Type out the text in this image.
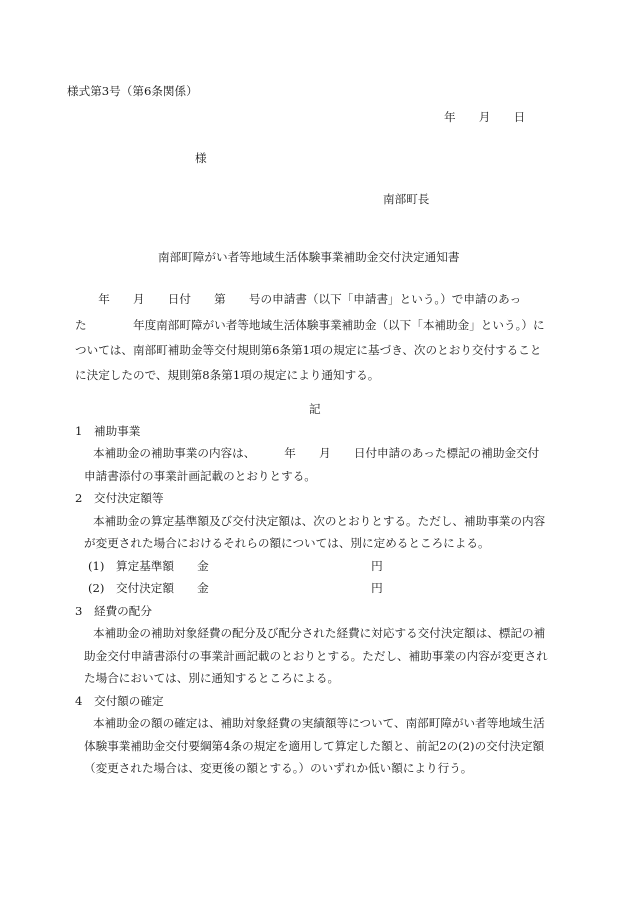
様式第3号（第6条関係）
年　　月　　日
様
南部町長
南部町障がい者等地域生活体験事業補助金交付決定通知書
　　年　　月　　日付　　第　　号の申請書（以下「申請書」という。）で申請のあっ
た　　　　年度南部町障がい者等地域生活体験事業補助金（以下「本補助金」という。）に
ついては、南部町補助金等交付規則第6条第1項の規定に基づき、次のとおり交付すること
に決定したので、規則第8条第1項の規定により通知する。
記
1　補助事業
本補助金の補助事業の内容は、　　　年　　月　　日付申請のあった標記の補助金交付
申請書添付の事業計画記載のとおりとする。
2　交付決定額等
本補助金の算定基準額及び交付決定額は、次のとおりとする。ただし、補助事業の内容
が変更された場合におけるそれらの額については、別に定めるところによる。
(1)　算定基準額　　金　　　　　　　　　　　　　　円
(2)　交付決定額　　金　　　　　　　　　　　　　　円
3　経費の配分
本補助金の補助対象経費の配分及び配分された経費に対応する交付決定額は、標記の補
助金交付申請書添付の事業計画記載のとおりとする。ただし、補助事業の内容が変更され
た場合においては、別に通知するところによる。
4　交付額の確定
本補助金の額の確定は、補助対象経費の実績額等について、南部町障がい者等地域生活
体験事業補助金交付要綱第4条の規定を適用して算定した額と、前記2の(2)の交付決定額
（変更された場合は、変更後の額とする。）のいずれか低い額により行う。
